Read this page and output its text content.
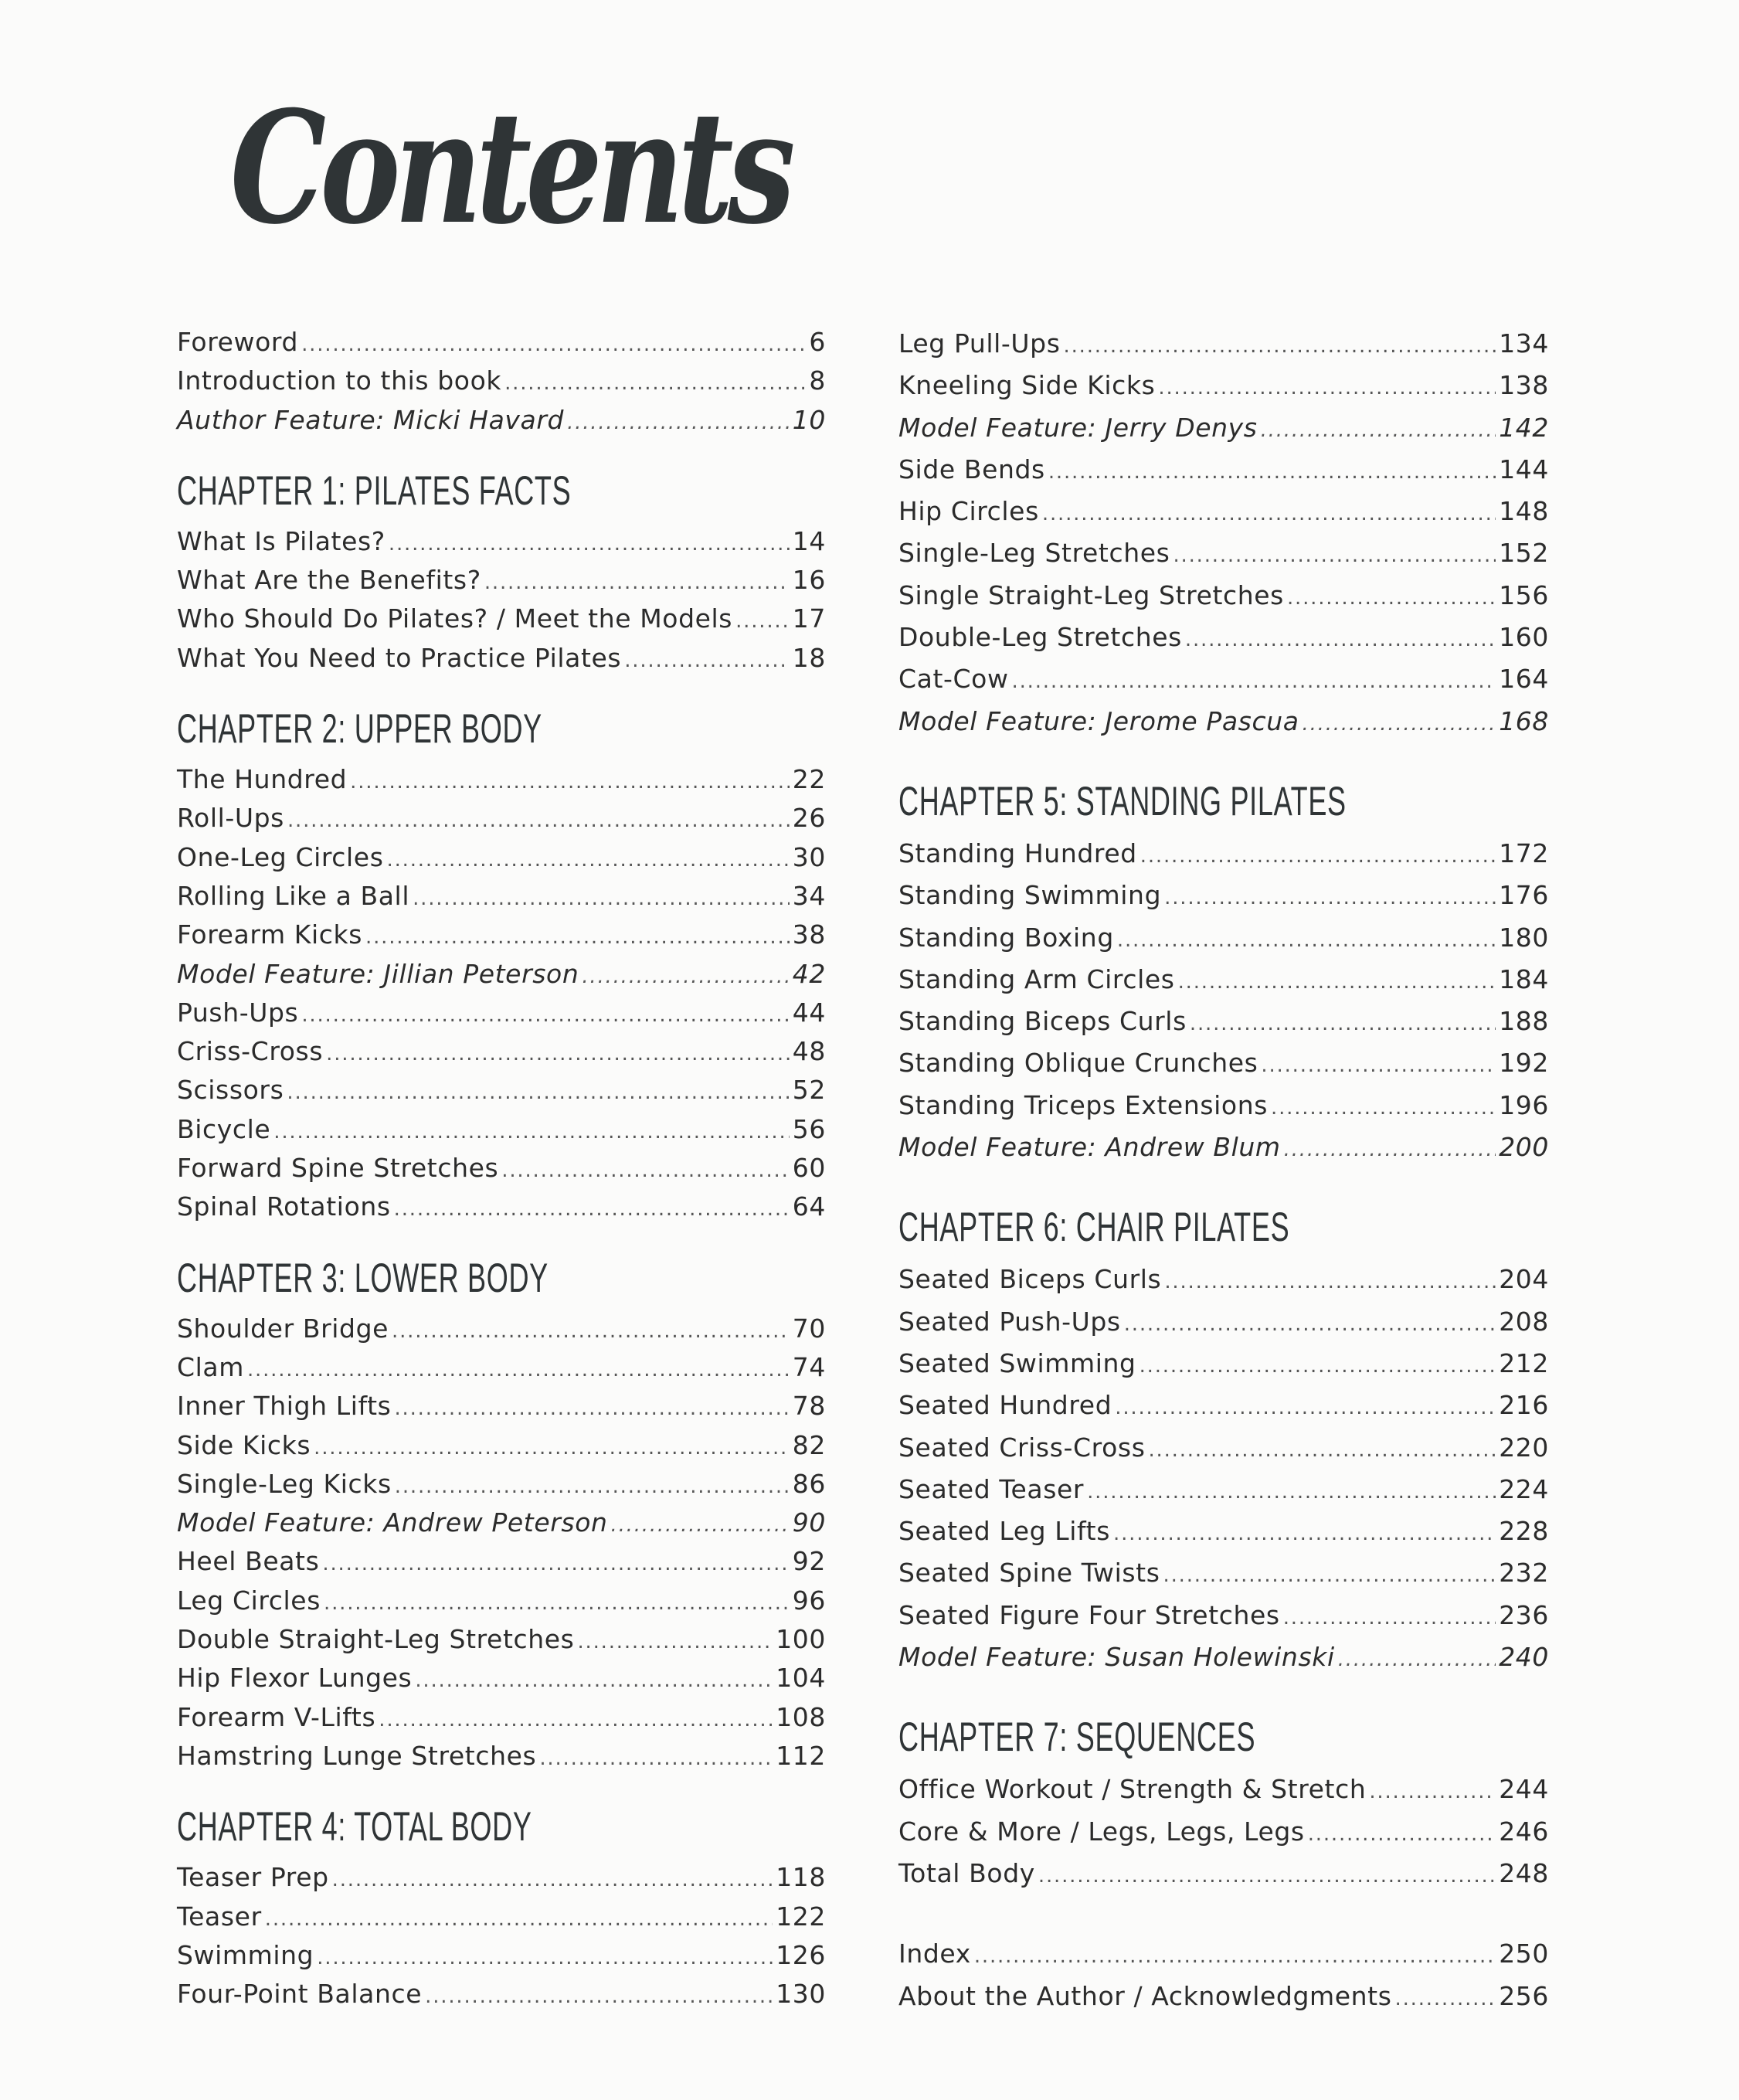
Contents
Foreword .....	6
Introduction to this book .....	8
Author Feature: Micki Havard .....	10
CHAPTER 1: PILATES FACTS
What Is Pilates? .....	14
What Are the Benefits? .....	16
Who Should Do Pilates? / Meet the Models ..... 17
What You Need to Practice Pilates .....	18
CHAPTER 2: UPPER BODY
The Hundred .....	22
Roll-Ups .....	26
One-Leg Circles .....	30
Rolling Like a Ball .....	34
Forearm Kicks .....	38
Model Feature: Jillian Peterson .....	42
Push-Ups .....	44
Criss-Cross .....	48
Scissors .....	52
Bicycle .....	56
Forward Spine Stretches .....	60
Spinal Rotations .....	64
CHAPTER 3: LOWER BODY
Shoulder Bridge .....	70
Clam .....	74
Inner Thigh Lifts .....	78
Side Kicks .....	82
Single-Leg Kicks .....	86
Model Feature: Andrew Peterson .....	90
Heel Beats .....	92
Leg Circles .....	96
Double Straight-Leg Stretches .....	100
Hip Flexor Lunges .....	104
Forearm V-Lifts .....	108
Hamstring Lunge Stretches .....	112
CHAPTER 4: TOTAL BODY
Teaser Prep .....	118
Teaser .....	122
Swimming .....	126
Four-Point Balance .....	130
Leg Pull-Ups .....	134
Kneeling Side Kicks .....	138
Model Feature: Jerry Denys .....	142
Side Bends .....	144
Hip Circles .....	148
Single-Leg Stretches .....	152
Single Straight-Leg Stretches .....	156
Double-Leg Stretches .....	160
Cat-Cow .....	164
Model Feature: Jerome Pascua .....	168
CHAPTER 5: STANDING PILATES
Standing Hundred .....	172
Standing Swimming .....	176
Standing Boxing .....	180
Standing Arm Circles .....	184
Standing Biceps Curls .....	188
Standing Oblique Crunches .....	192
Standing Triceps Extensions .....	196
Model Feature: Andrew Blum .....	200
CHAPTER 6: CHAIR PILATES
Seated Biceps Curls .....	204
Seated Push-Ups .....	208
Seated Swimming .....	212
Seated Hundred .....	216
Seated Criss-Cross .....	220
Seated Teaser .....	224
Seated Leg Lifts .....	228
Seated Spine Twists .....	232
Seated Figure Four Stretches .....	236
Model Feature: Susan Holewinski .....	240
CHAPTER 7: SEQUENCES
Office Workout / Strength & Stretch .....	244
Core & More / Legs, Legs, Legs .....	246
Total Body .....	248
Index .....	250
About the Author / Acknowledgments .....	256
